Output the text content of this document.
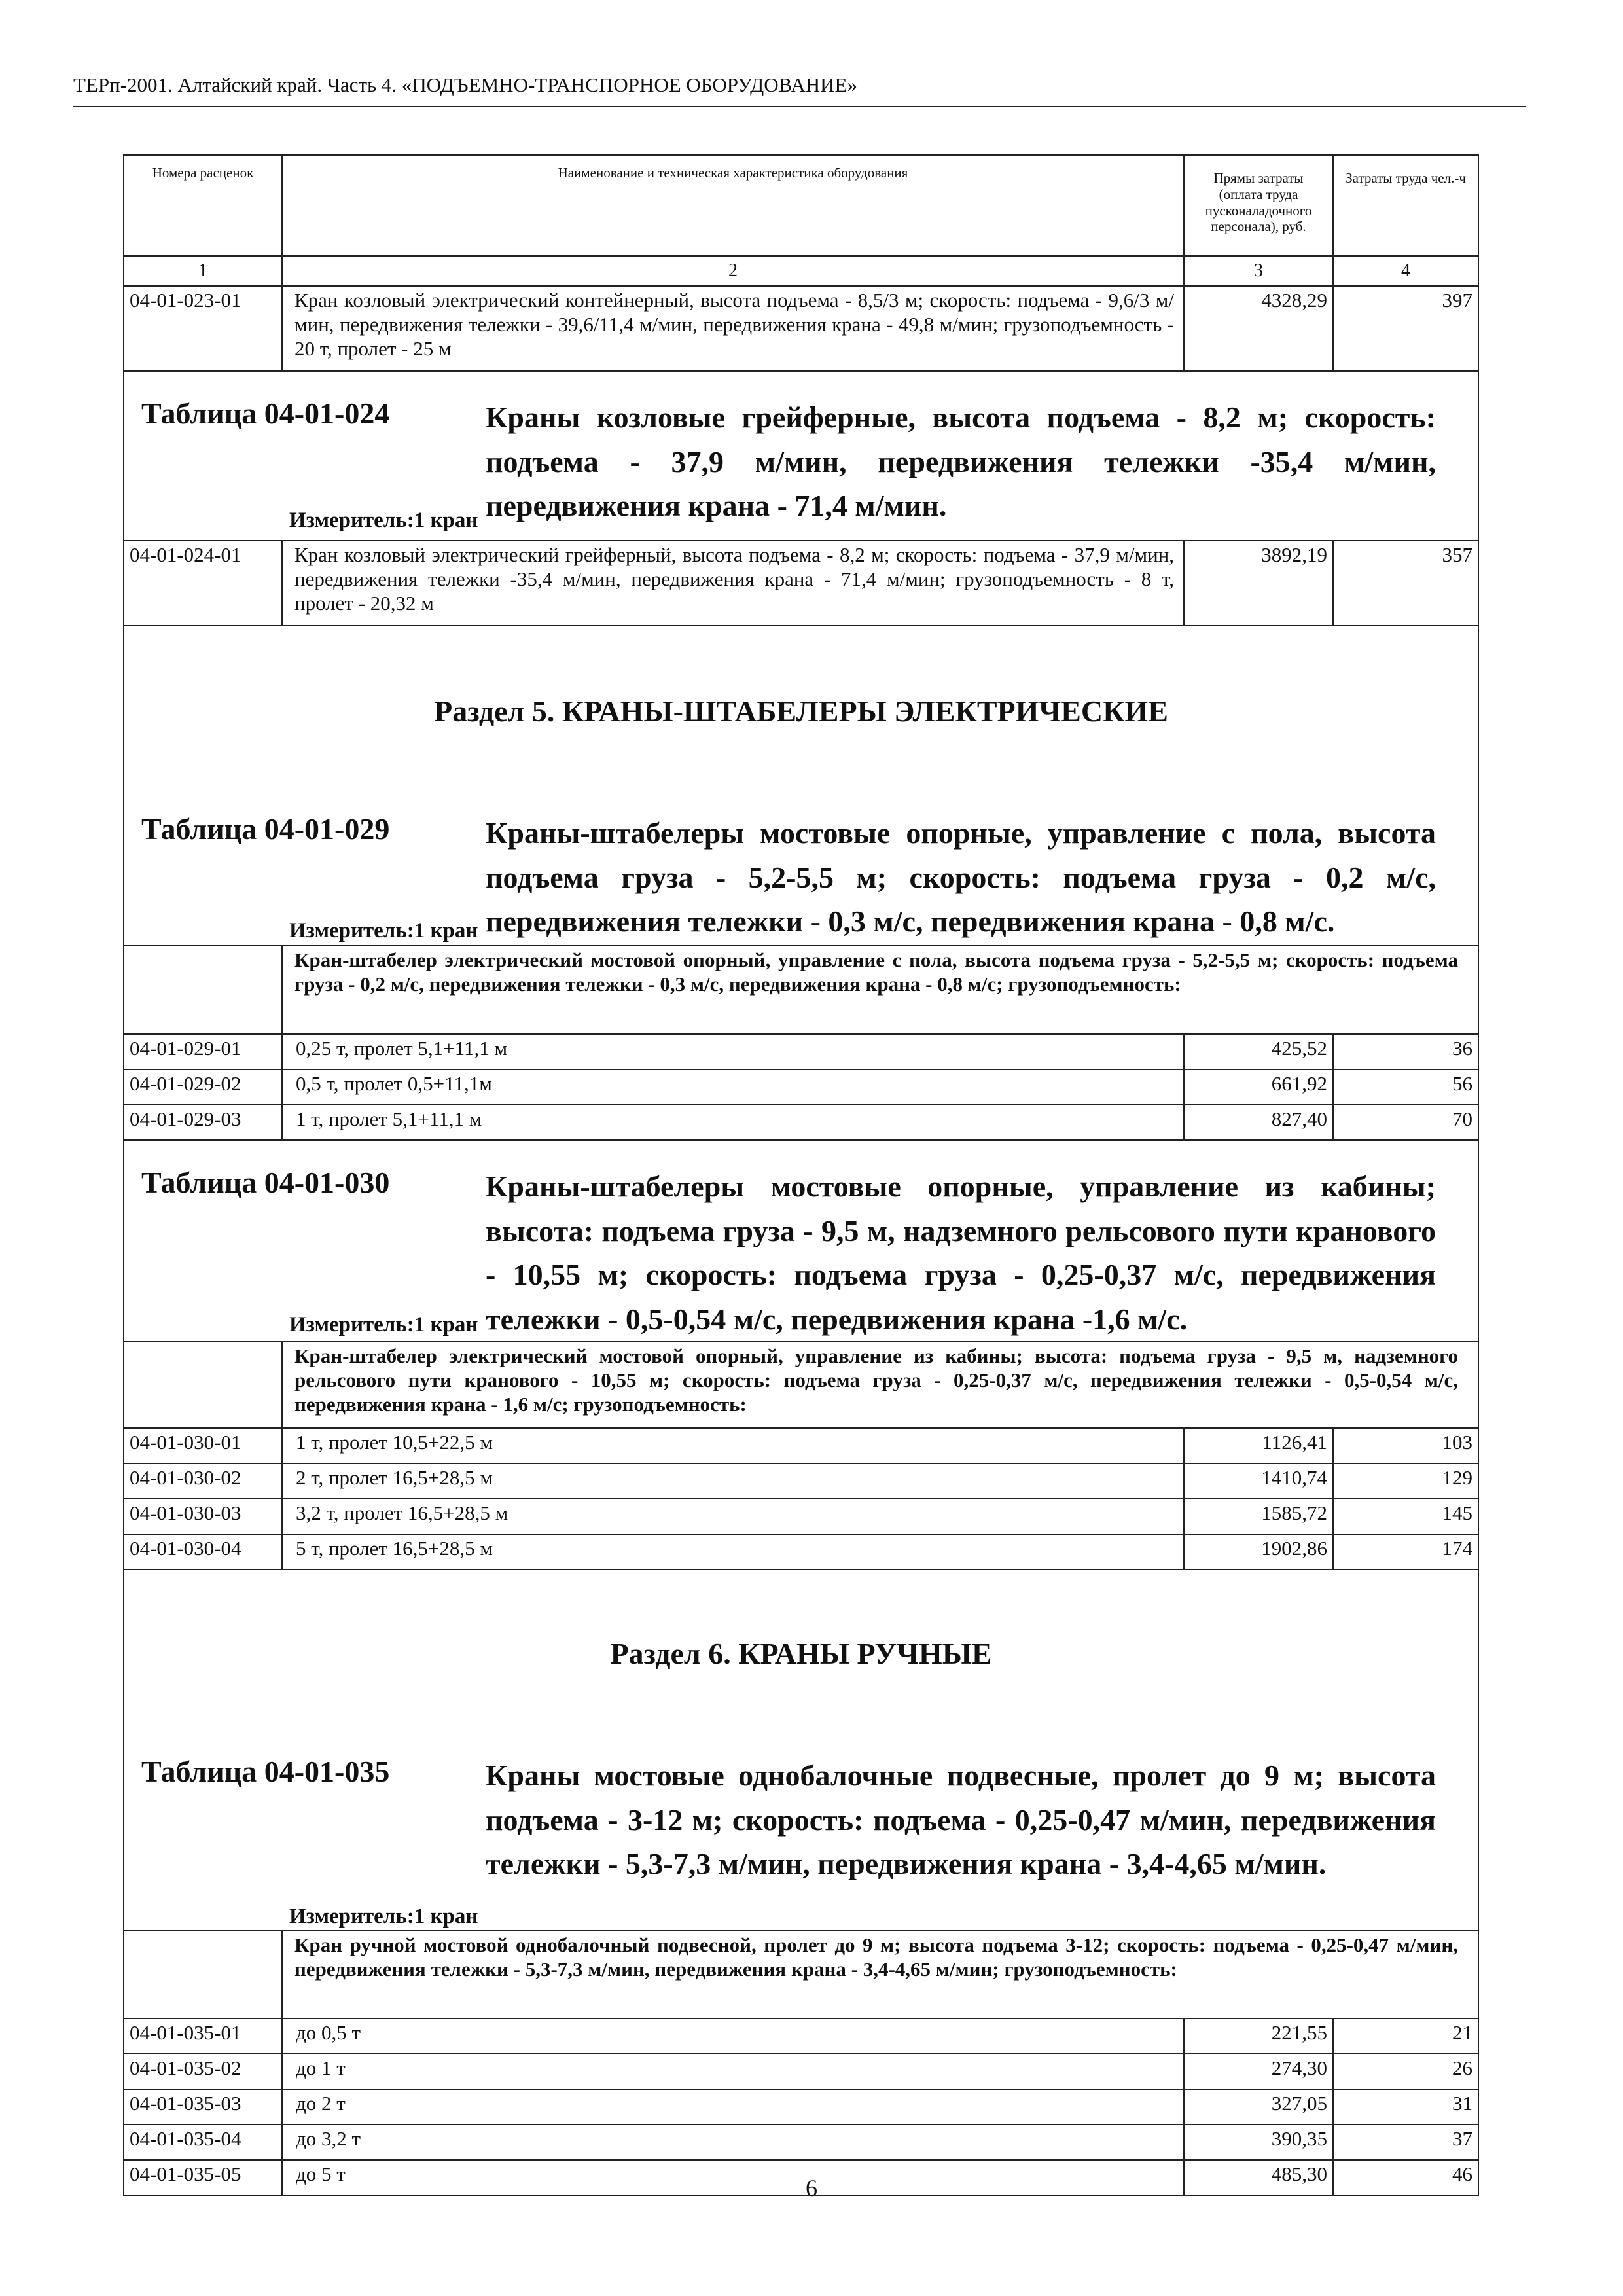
ТЕРп-2001. Алтайский край. Часть 4. «ПОДЪЕМНО-ТРАНСПОРНОЕ ОБОРУДОВАНИЕ»
Номера расценок	Наименование и техническая характеристика оборудования	Прямы затраты (оплата труда пусконаладочного персонала), руб.	Затраты труда чел.-ч
1	2	3	4
04-01-023-01	Кран козловый электрический контейнерный, высота подъема - 8,5/3 м; скорость: подъема - 9,6/3 м/мин, передвижения тележки - 39,6/11,4 м/мин, передвижения крана - 49,8 м/мин; грузоподъемность - 20 т, пролет - 25 м	4328,29	397

Таблица 04-01-024 Краны козловые грейферные, высота подъема - 8,2 м; скорость: подъема - 37,9 м/мин, передвижения тележки -35,4 м/мин, передвижения крана - 71,4 м/мин.
Измеритель:1 кран			

04-01-024-01	Кран козловый электрический грейферный, высота подъема - 8,2 м; скорость: подъема - 37,9 м/мин, передвижения тележки -35,4 м/мин, передвижения крана - 71,4 м/мин; грузоподъемность - 8 т, пролет - 20,32 м	3892,19	357

Раздел 5. КРАНЫ-ШТАБЕЛЕРЫ ЭЛЕКТРИЧЕСКИЕ
Таблица 04-01-029 Краны-штабелеры мостовые опорные, управление с пола, высота подъема груза - 5,2-5,5 м; скорость: подъема груза - 0,2 м/с, передвижения тележки - 0,3 м/с, передвижения крана - 0,8 м/с.
Измеритель:1 кран			

	Кран-штабелер электрический мостовой опорный, управление с пола, высота подъема груза - 5,2-5,5 м; скорость: подъема груза - 0,2 м/с, передвижения тележки - 0,3 м/с, передвижения крана - 0,8 м/с; грузоподъемность:		
04-01-029-01	0,25 т, пролет 5,1+11,1 м	425,52	36
04-01-029-02	0,5 т, пролет 0,5+11,1м	661,92	56
04-01-029-03	1 т, пролет 5,1+11,1 м	827,40	70

Таблица 04-01-030 Краны-штабелеры мостовые опорные, управление из кабины; высота: подъема груза - 9,5 м, надземного рельсового пути кранового - 10,55 м; скорость: подъема груза - 0,25-0,37 м/с, передвижения тележки - 0,5-0,54 м/с, передвижения крана -1,6 м/с.
Измеритель:1 кран			

	Кран-штабелер электрический мостовой опорный, управление из кабины; высота: подъема груза - 9,5 м, надземного рельсового пути кранового - 10,55 м; скорость: подъема груза - 0,25-0,37 м/с, передвижения тележки - 0,5-0,54 м/с, передвижения крана - 1,6 м/с; грузоподъемность:		
04-01-030-01	1 т, пролет 10,5+22,5 м	1126,41	103
04-01-030-02	2 т, пролет 16,5+28,5 м	1410,74	129
04-01-030-03	3,2 т, пролет 16,5+28,5 м	1585,72	145
04-01-030-04	5 т, пролет 16,5+28,5 м	1902,86	174

Раздел 6. КРАНЫ РУЧНЫЕ
Таблица 04-01-035 Краны мостовые однобалочные подвесные, пролет до 9 м; высота подъема - 3-12 м; скорость: подъема - 0,25-0,47 м/мин, передвижения тележки - 5,3-7,3 м/мин, передвижения крана - 3,4-4,65 м/мин.
Измеритель:1 кран			

	Кран ручной мостовой однобалочный подвесной, пролет до 9 м; высота подъема 3-12; скорость: подъема - 0,25-0,47 м/мин, передвижения тележки - 5,3-7,3 м/мин, передвижения крана - 3,4-4,65 м/мин; грузоподъемность:		
04-01-035-01	до 0,5 т	221,55	21
04-01-035-02	до 1 т	274,30	26
04-01-035-03	до 2 т	327,05	31
04-01-035-04	до 3,2 т	390,35	37
04-01-035-05	до 5 т	485,30	46
6
